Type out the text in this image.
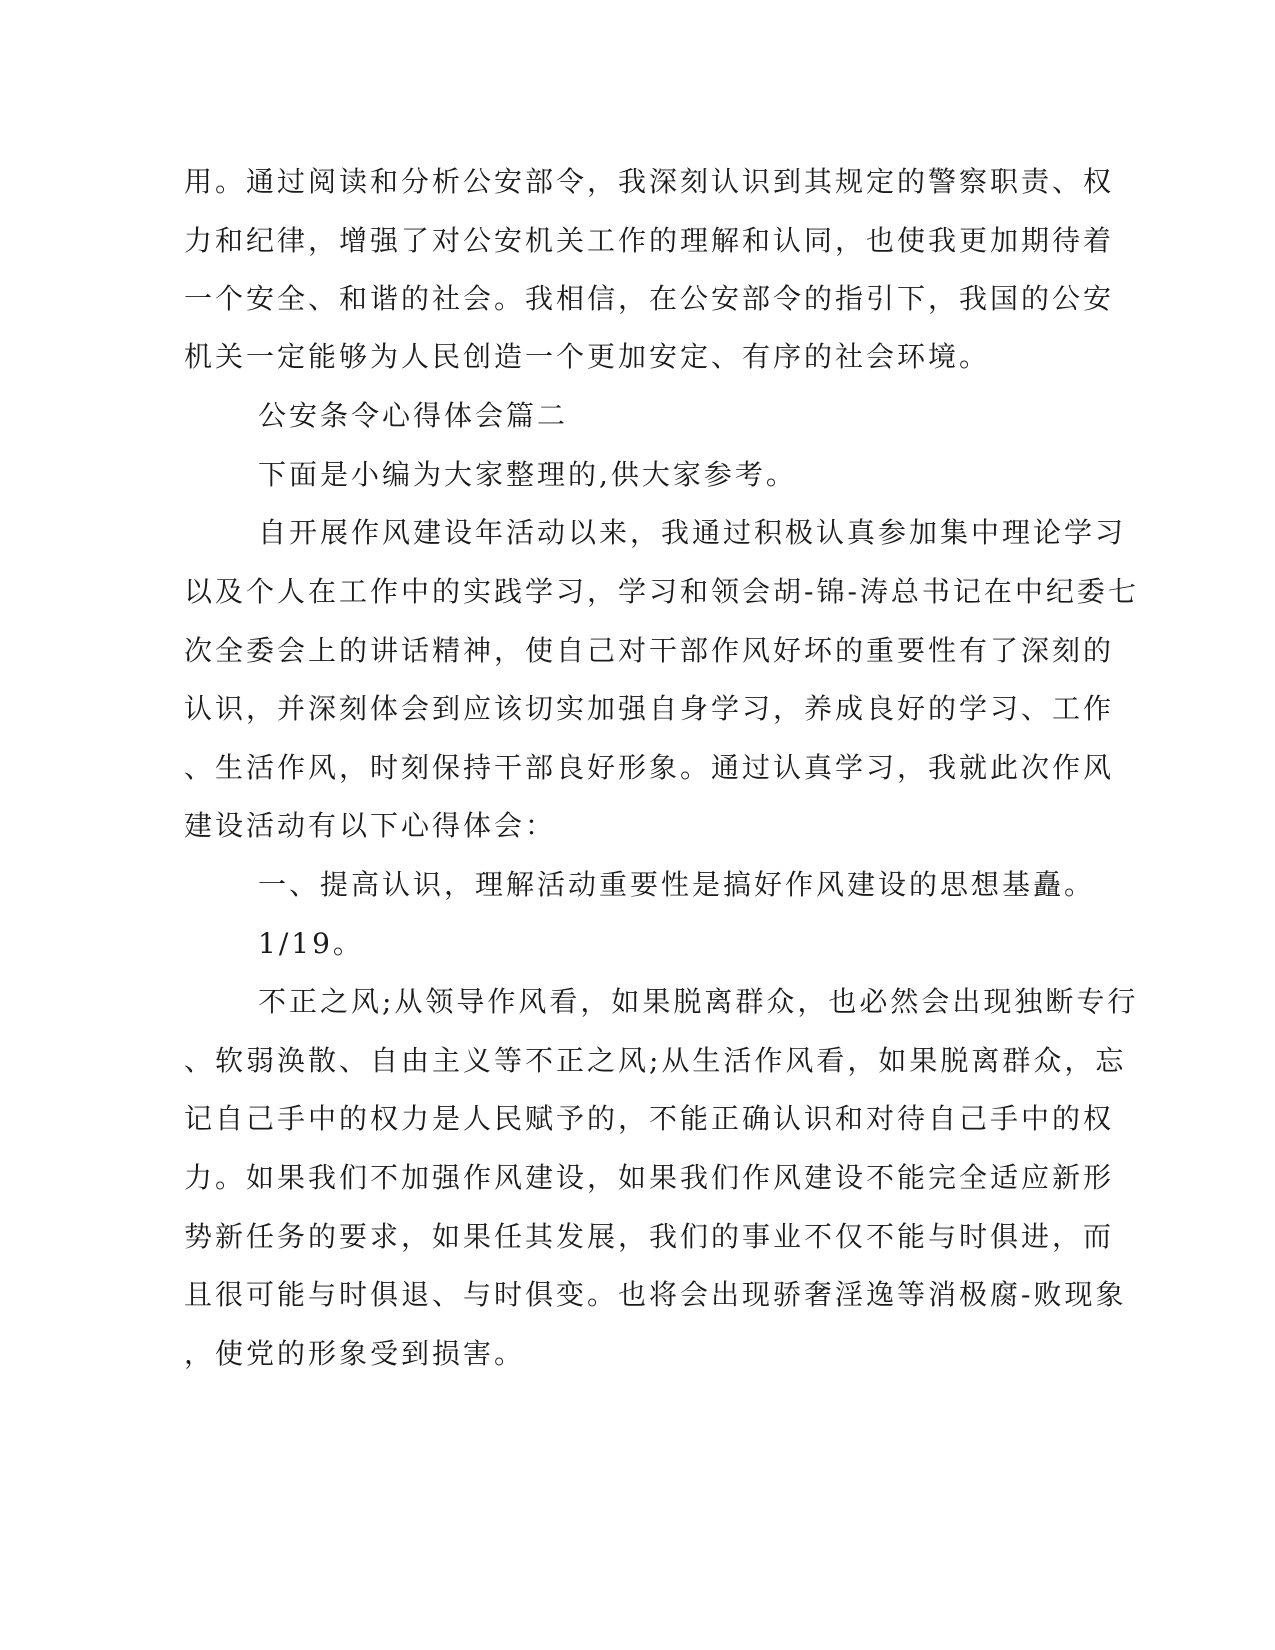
用。通过阅读和分析公安部令，我深刻认识到其规定的警察职责、权
力和纪律，增强了对公安机关工作的理解和认同，也使我更加期待着
一个安全、和谐的社会。我相信，在公安部令的指引下，我国的公安
机关一定能够为人民创造一个更加安定、有序的社会环境。
公安条令心得体会篇二
下面是小编为大家整理的,供大家参考。
自开展作风建设年活动以来，我通过积极认真参加集中理论学习
以及个人在工作中的实践学习，学习和领会胡-锦-涛总书记在中纪委七
次全委会上的讲话精神，使自己对干部作风好坏的重要性有了深刻的
认识，并深刻体会到应该切实加强自身学习，养成良好的学习、工作
、生活作风，时刻保持干部良好形象。通过认真学习，我就此次作风
建设活动有以下心得体会：
一、提高认识，理解活动重要性是搞好作风建设的思想基矗。
1/19。
不正之风;从领导作风看，如果脱离群众，也必然会出现独断专行
、软弱涣散、自由主义等不正之风;从生活作风看，如果脱离群众，忘
记自己手中的权力是人民赋予的，不能正确认识和对待自己手中的权
力。如果我们不加强作风建设，如果我们作风建设不能完全适应新形
势新任务的要求，如果任其发展，我们的事业不仅不能与时俱进，而
且很可能与时俱退、与时俱变。也将会出现骄奢淫逸等消极腐-败现象
，使党的形象受到损害。
